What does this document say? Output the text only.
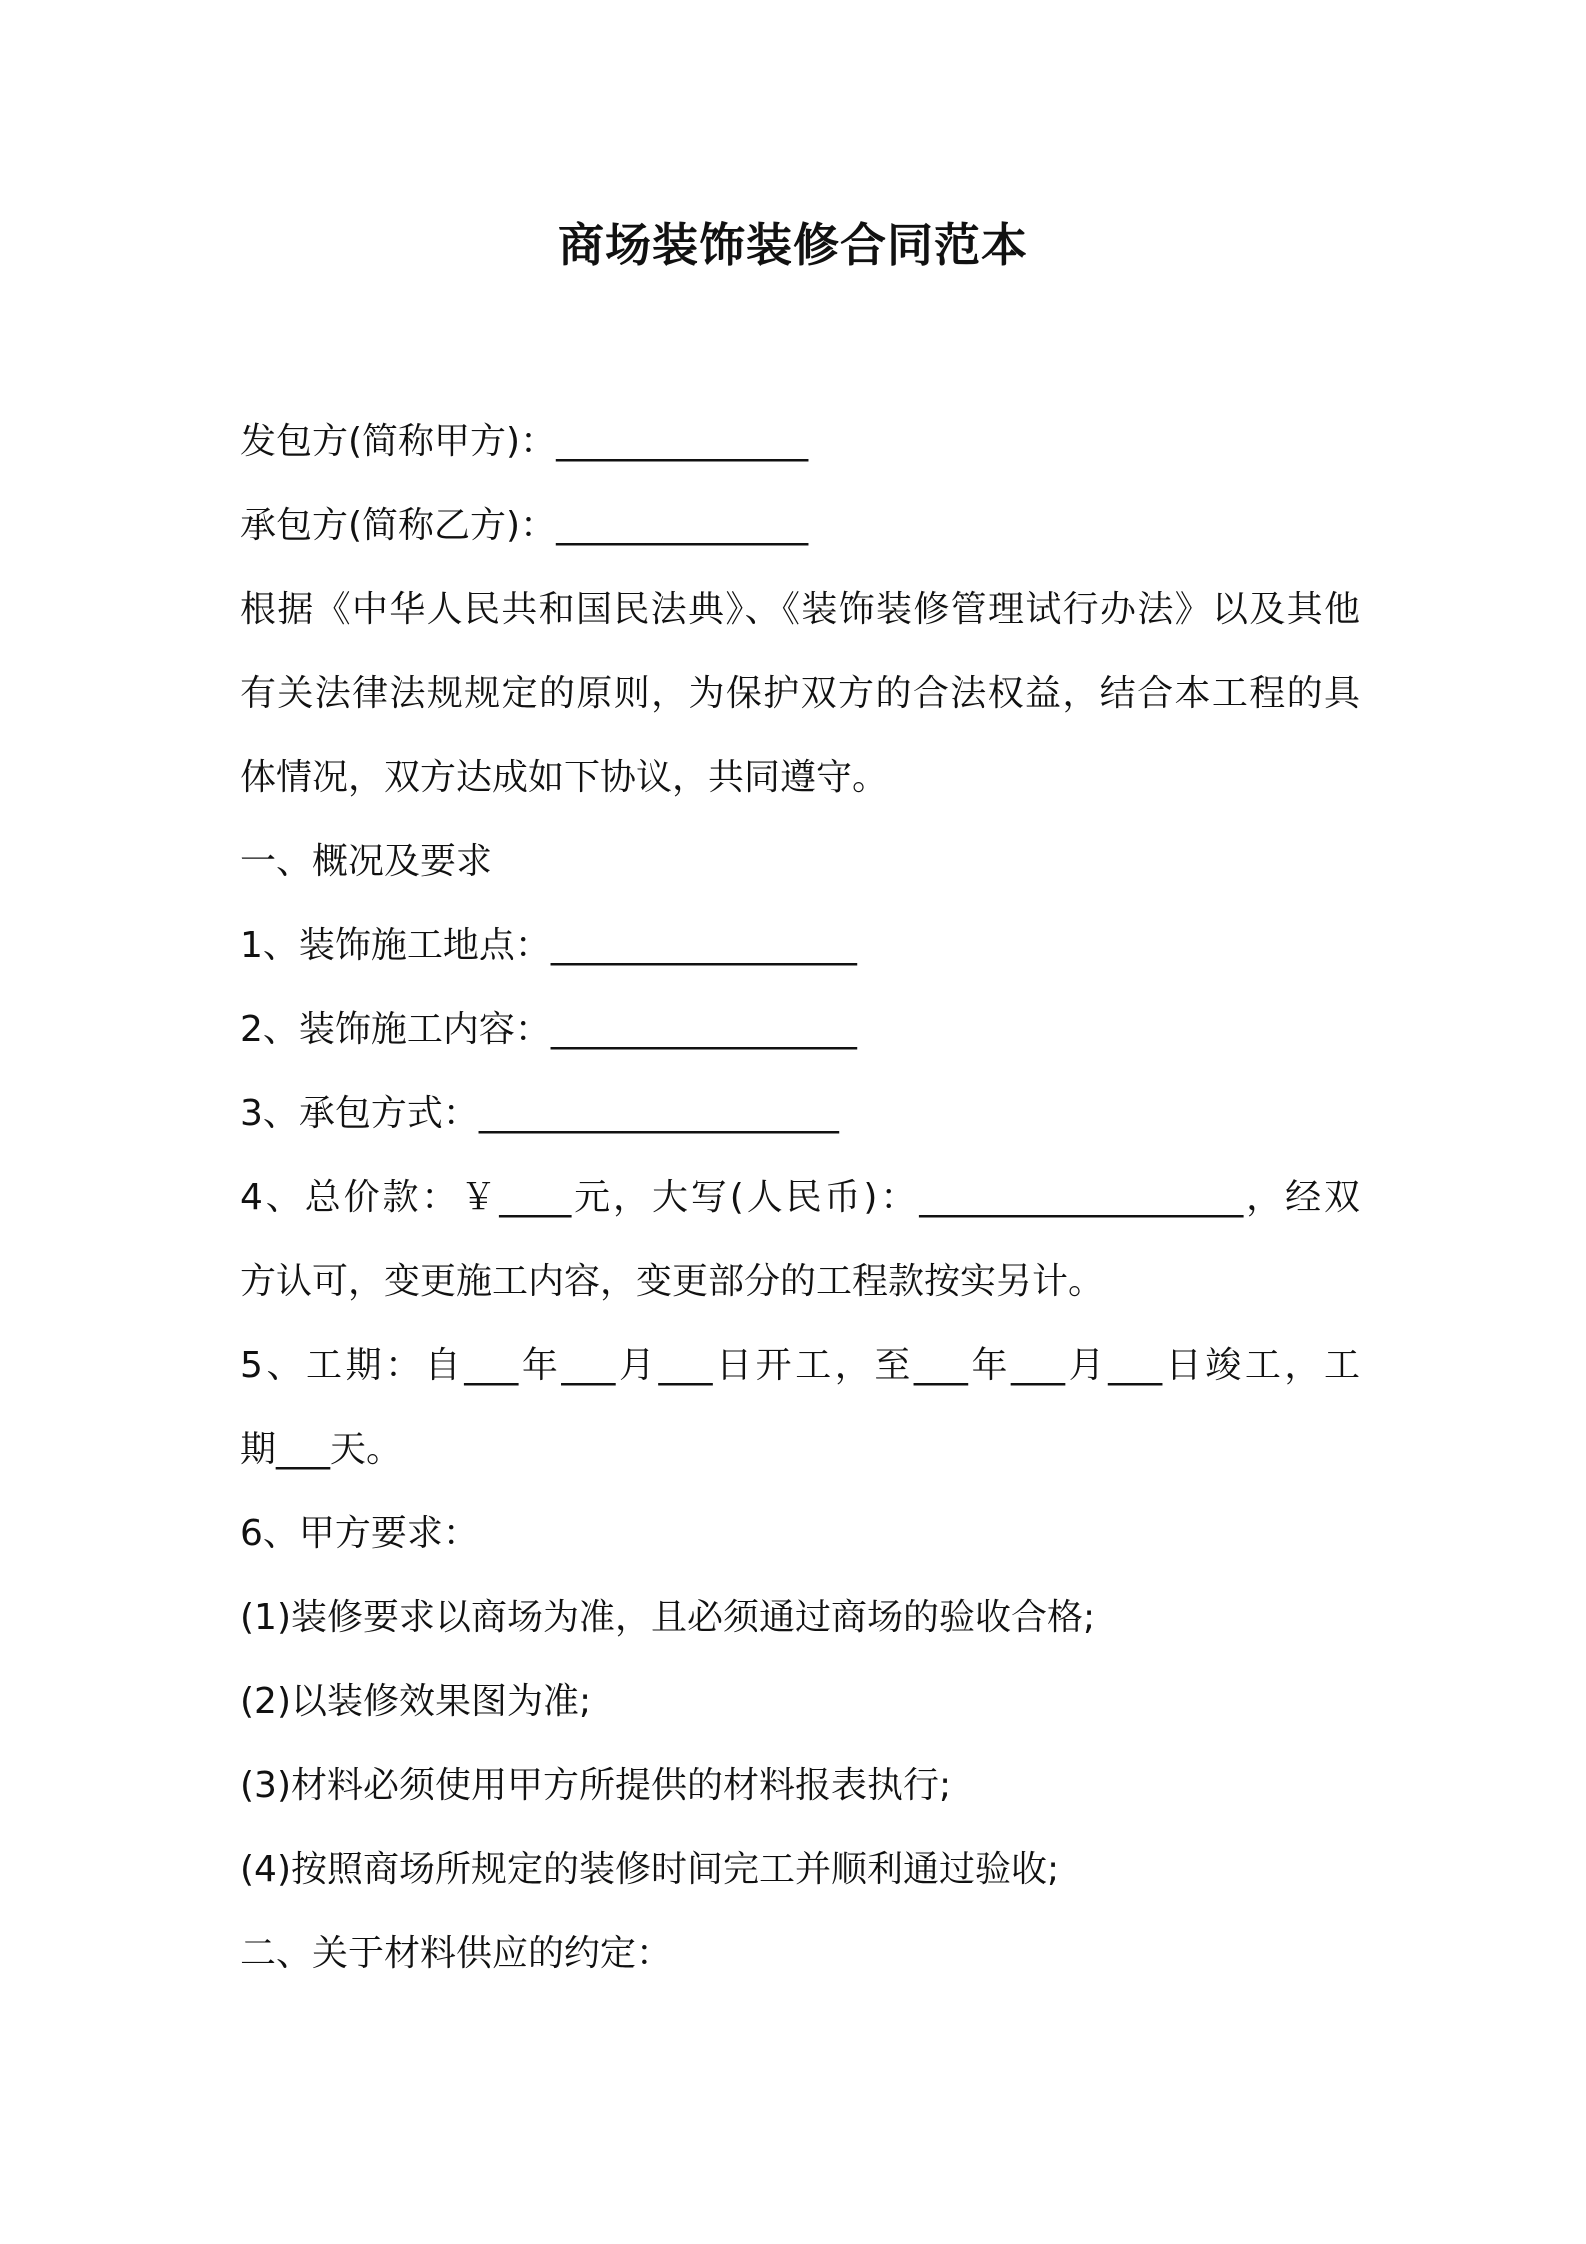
商场装饰装修合同范本

发包方(简称甲方)：______________

承包方(简称乙方)：______________

根据《中华人民共和国民法典》、《装饰装修管理试行办法》以及其他

有关法律法规规定的原则，为保护双方的合法权益，结合本工程的具

体情况，双方达成如下协议，共同遵守。

一、概况及要求

1、装饰施工地点：_________________

2、装饰施工内容：_________________

3、承包方式：____________________

4、总价款：￥____元，大写(人民币)：__________________，经双

方认可，变更施工内容，变更部分的工程款按实另计。

5、工期：自___年___月___日开工，至___年___月___日竣工，工

期___天。

6、甲方要求：

(1)装修要求以商场为准，且必须通过商场的验收合格;

(2)以装修效果图为准;

(3)材料必须使用甲方所提供的材料报表执行;

(4)按照商场所规定的装修时间完工并顺利通过验收;

二、关于材料供应的约定：
